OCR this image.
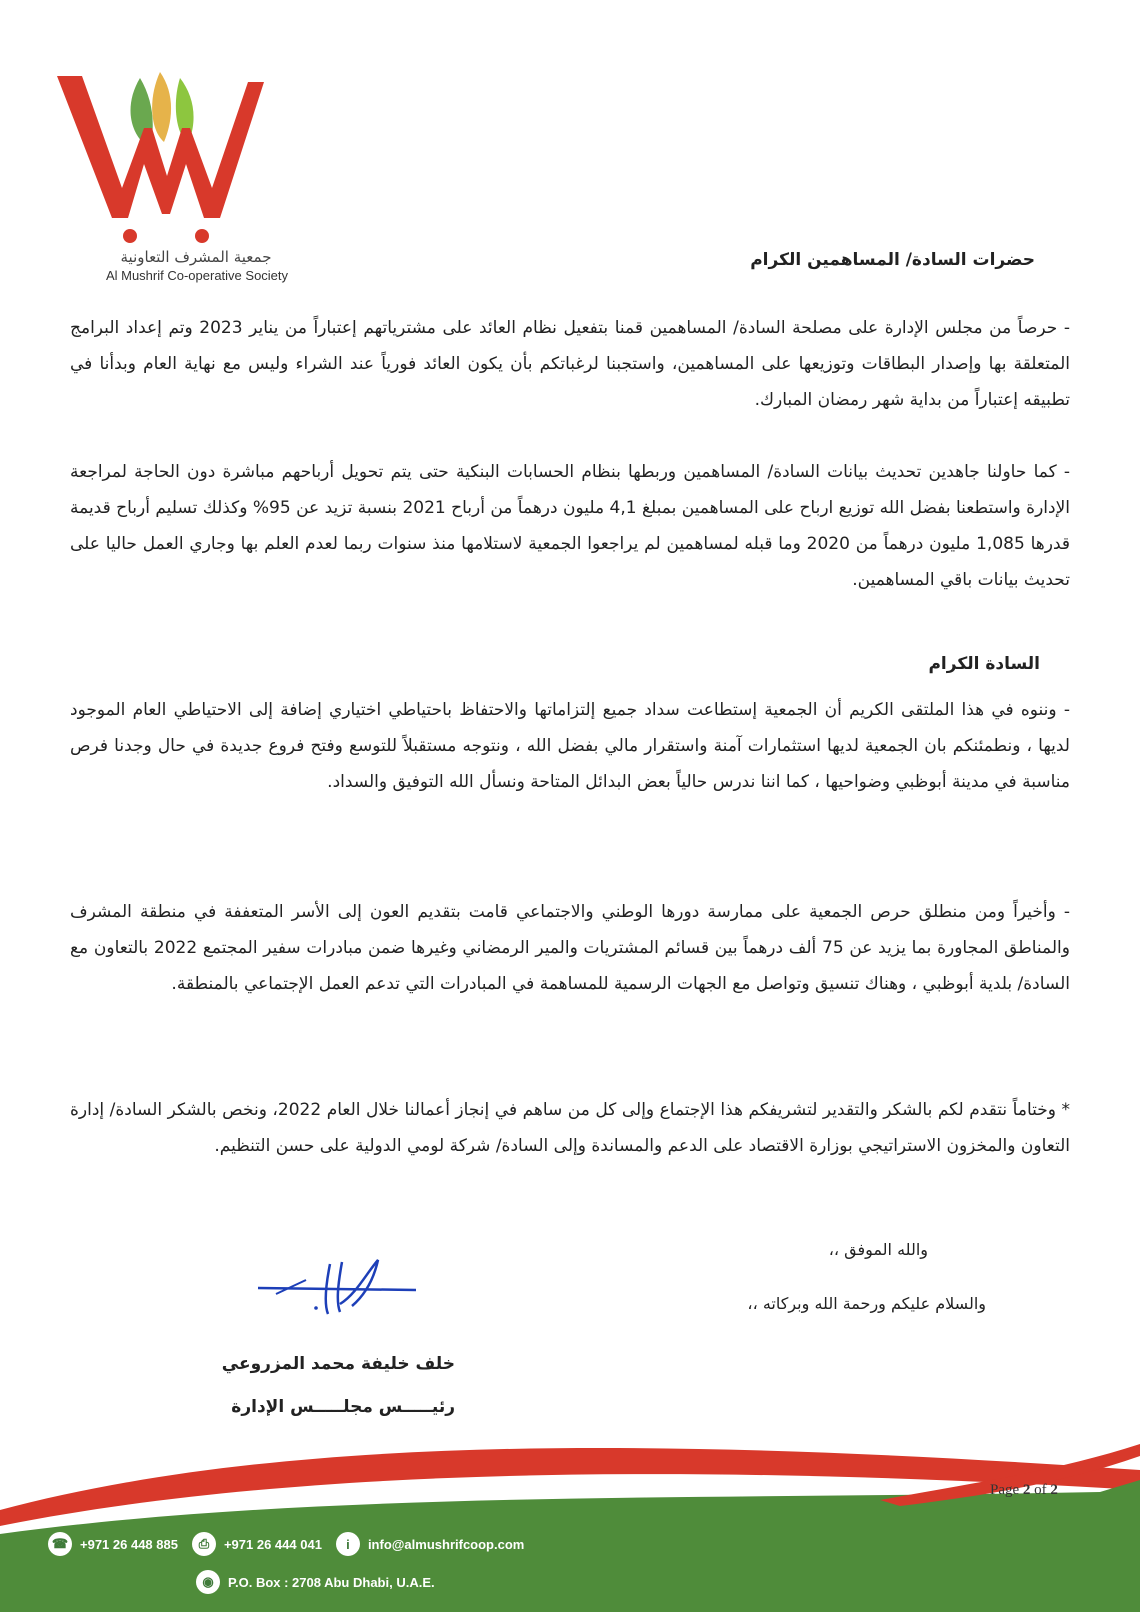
جمعية المشرف التعاونية
Al Mushrif Co-operative Society
حضرات السادة/ المساهمين الكرام
- حرصاً من مجلس الإدارة على مصلحة السادة/ المساهمين قمنا بتفعيل نظام العائد على مشترياتهم إعتباراً من يناير 2023 وتم إعداد البرامج المتعلقة بها وإصدار البطاقات وتوزيعها على المساهمين، واستجبنا لرغباتكم بأن يكون العائد فورياً عند الشراء وليس مع نهاية العام وبدأنا في تطبيقه إعتباراً من بداية شهر رمضان المبارك.
- كما حاولنا جاهدين تحديث بيانات السادة/ المساهمين وربطها بنظام الحسابات البنكية حتى يتم تحويل أرباحهم مباشرة دون الحاجة لمراجعة الإدارة واستطعنا بفضل الله توزيع ارباح على المساهمين بمبلغ 4,1 مليون درهماً من أرباح 2021 بنسبة تزيد عن 95% وكذلك تسليم أرباح قديمة قدرها 1,085 مليون درهماً من 2020 وما قبله لمساهمين لم يراجعوا الجمعية لاستلامها منذ سنوات ربما لعدم العلم بها وجاري العمل حاليا على تحديث بيانات باقي المساهمين.
السادة الكرام
- وننوه في هذا الملتقى الكريم أن الجمعية إستطاعت سداد جميع إلتزاماتها والاحتفاظ باحتياطي اختياري إضافة إلى الاحتياطي العام الموجود لديها ، ونطمئنكم بان الجمعية لديها استثمارات آمنة واستقرار مالي بفضل الله ، ونتوجه مستقبلاً للتوسع وفتح فروع جديدة في حال وجدنا فرص مناسبة في مدينة أبوظبي وضواحيها ، كما اننا ندرس حالياً بعض البدائل المتاحة ونسأل الله التوفيق والسداد.
- وأخيراً ومن منطلق حرص الجمعية على ممارسة دورها الوطني والاجتماعي قامت بتقديم العون إلى الأسر المتعففة في منطقة المشرف والمناطق المجاورة بما يزيد عن 75 ألف درهماً بين قسائم المشتريات والمير الرمضاني وغيرها ضمن مبادرات سفير المجتمع 2022 بالتعاون مع السادة/ بلدية أبوظبي ، وهناك تنسيق وتواصل مع الجهات الرسمية للمساهمة في المبادرات التي تدعم العمل الإجتماعي بالمنطقة.
* وختاماً نتقدم لكم بالشكر والتقدير لتشريفكم هذا الإجتماع وإلى كل من ساهم في إنجاز أعمالنا خلال العام 2022، ونخص بالشكر السادة/ إدارة التعاون والمخزون الاستراتيجي بوزارة الاقتصاد على الدعم والمساندة وإلى السادة/ شركة لومي الدولية على حسن التنظيم.
والله الموفق ،،
والسلام عليكم ورحمة الله وبركاته ،،
خلف خليفة محمد المزروعي
رئيـــــس مجلـــــس الإدارة
Page 2 of 2
☎ +971 26 448 885	⎙	+971 26 444 041	i	info@almushrifcoop.com
◉	P.O. Box : 2708 Abu Dhabi, U.A.E.
